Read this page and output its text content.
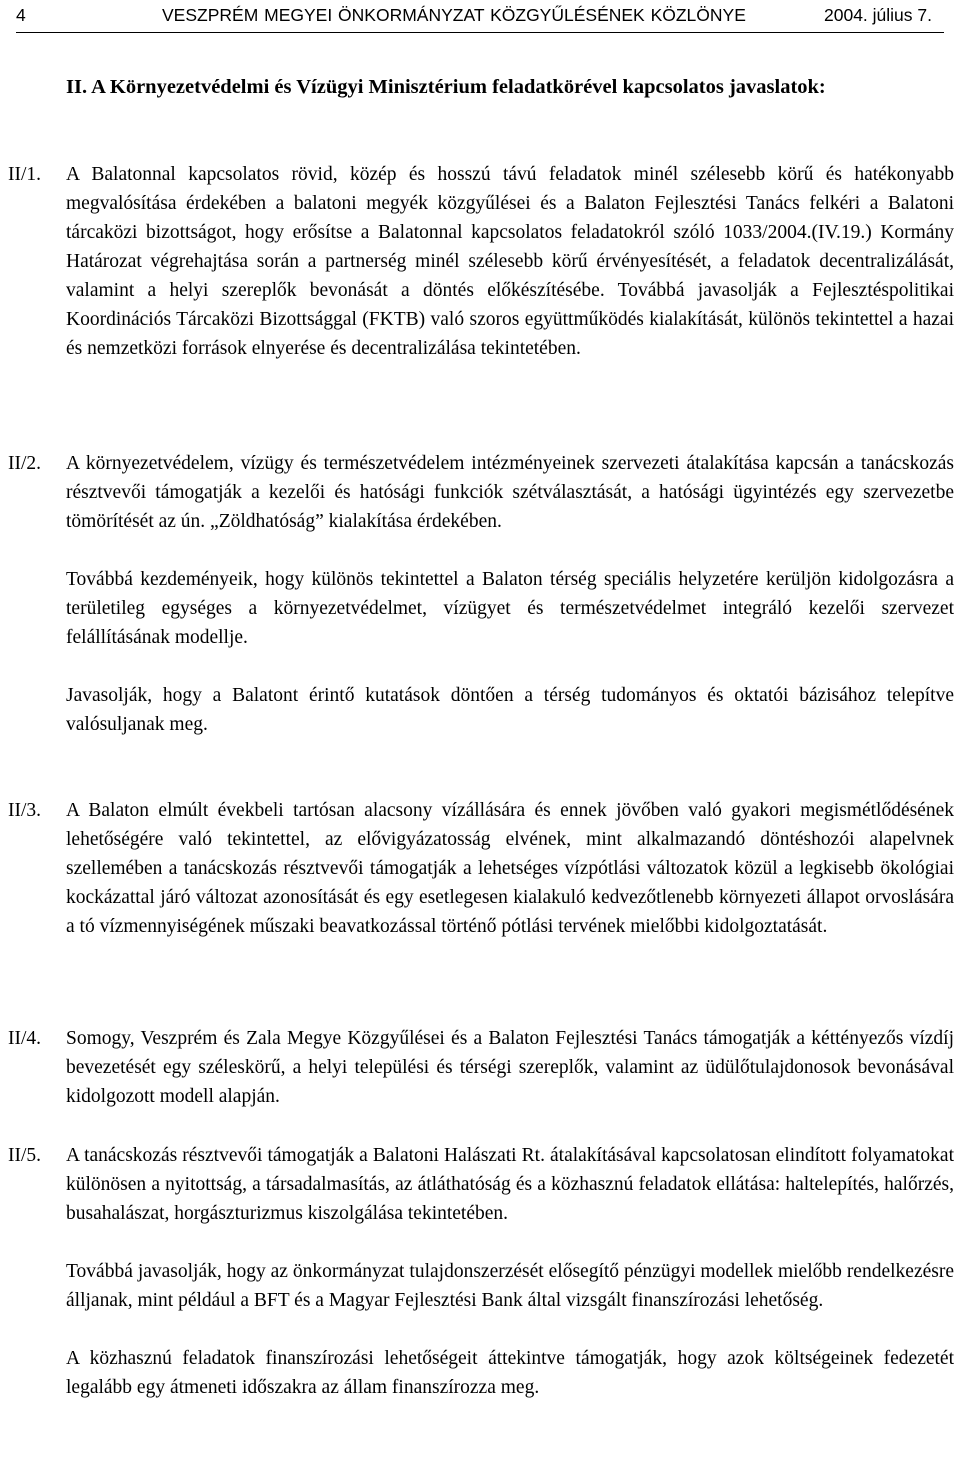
4	VESZPRÉM MEGYEI ÖNKORMÁNYZAT KÖZGYŰLÉSÉNEK KÖZLÖNYE	2004. július 7.
II. A Környezetvédelmi és Vízügyi Minisztérium feladatkörével kapcsolatos javaslatok:
II/1.	A Balatonnal kapcsolatos rövid, közép és hosszú távú feladatok minél szélesebb körű és hatékonyabb megvalósítása érdekében a balatoni megyék közgyűlései és a Balaton Fejlesztési Tanács felkéri a Balatoni tárcaközi bizottságot, hogy erősítse a Balatonnal kapcsolatos feladatokról szóló 1033/2004.(IV.19.) Kormány Határozat végrehajtása során a partnerség minél szélesebb körű érvényesítését, a feladatok decentralizálását, valamint a helyi szereplők bevonását a döntés előkészítésébe. Továbbá javasolják a Fejlesztéspolitikai Koordinációs Tárcaközi Bizottsággal (FKTB) való szoros együttműködés kialakítását, különös tekintettel a hazai és nemzetközi források elnyerése és decentralizálása tekintetében.

II/2.	A környezetvédelem, vízügy és természetvédelem intézményeinek szervezeti átalakítása kapcsán a tanácskozás résztvevői támogatják a kezelői és hatósági funkciók szétválasztását, a hatósági ügyintézés egy szervezetbe tömörítését az ún. „Zöldhatóság” kialakítása érdekében.

Továbbá kezdeményeik, hogy különös tekintettel a Balaton térség speciális helyzetére kerüljön kidolgozásra a területileg egységes a környezetvédelmet, vízügyet és természetvédelmet integráló kezelői szervezet felállításának modellje.

Javasolják, hogy a Balatont érintő kutatások döntően a térség tudományos és oktatói bázisához telepítve valósuljanak meg.

II/3.	A Balaton elmúlt évekbeli tartósan alacsony vízállására és ennek jövőben való gyakori megismétlődésének lehetőségére való tekintettel, az elővigyázatosság elvének, mint alkalmazandó döntéshozói alapelvnek szellemében a tanácskozás résztvevői támogatják a lehetséges vízpótlási változatok közül a legkisebb ökológiai kockázattal járó változat azonosítását és egy esetlegesen kialakuló kedvezőtlenebb környezeti állapot orvoslására a tó vízmennyiségének műszaki beavatkozással történő pótlási tervének mielőbbi kidolgoztatását.

II/4.	Somogy, Veszprém és Zala Megye Közgyűlései és a Balaton Fejlesztési Tanács támogatják a kéttényezős vízdíj bevezetését egy széleskörű, a helyi települési és térségi szereplők, valamint az üdülőtulajdonosok bevonásával kidolgozott modell alapján.

II/5.	A tanácskozás résztvevői támogatják a Balatoni Halászati Rt. átalakításával kapcsolatosan elindított folyamatokat különösen a nyitottság, a társadalmasítás, az átláthatóság és a közhasznú feladatok ellátása: haltelepítés, halőrzés, busahalászat, horgászturizmus kiszolgálása tekintetében.

Továbbá javasolják, hogy az önkormányzat tulajdonszerzését elősegítő pénzügyi modellek mielőbb rendelkezésre álljanak, mint például a BFT és a Magyar Fejlesztési Bank által vizsgált finanszírozási lehetőség.

A közhasznú feladatok finanszírozási lehetőségeit áttekintve támogatják, hogy azok költségeinek fedezetét legalább egy átmeneti időszakra az állam finanszírozza meg.
